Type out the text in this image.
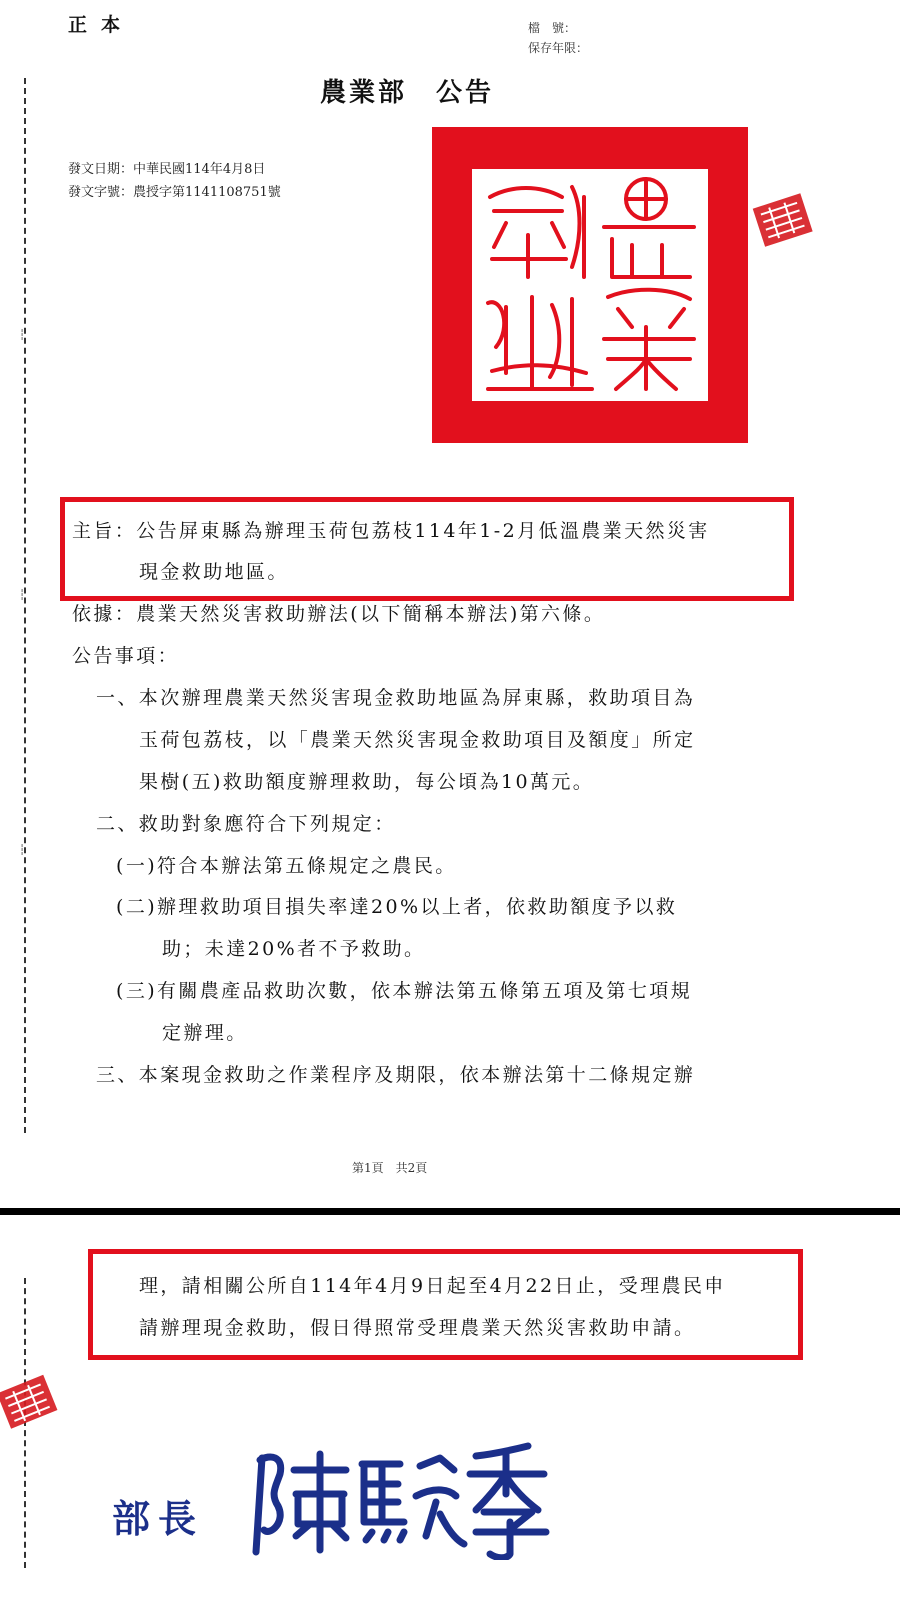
┆
┆
┆
正本	檔　號：
保存年限：
農業部　公告
發文日期：中華民國114年4月8日
發文字號：農授字第1141108751號
主旨：公告屏東縣為辦理玉荷包荔枝114年1-2月低溫農業天然災害
現金救助地區。
依據：農業天然災害救助辦法(以下簡稱本辦法)第六條。
公告事項：
一、本次辦理農業天然災害現金救助地區為屏東縣，救助項目為
玉荷包荔枝，以「農業天然災害現金救助項目及額度」所定
果樹(五)救助額度辦理救助，每公頃為10萬元。
二、救助對象應符合下列規定：
(一)符合本辦法第五條規定之農民。
(二)辦理救助項目損失率達20%以上者，依救助額度予以救
助；未達20%者不予救助。
(三)有關農產品救助次數，依本辦法第五條第五項及第七項規
定辦理。
三、本案現金救助之作業程序及期限，依本辦法第十二條規定辦
第1頁　共2頁
理，請相關公所自114年4月9日起至4月22日止，受理農民申
請辦理現金救助，假日得照常受理農業天然災害救助申請。
部長
